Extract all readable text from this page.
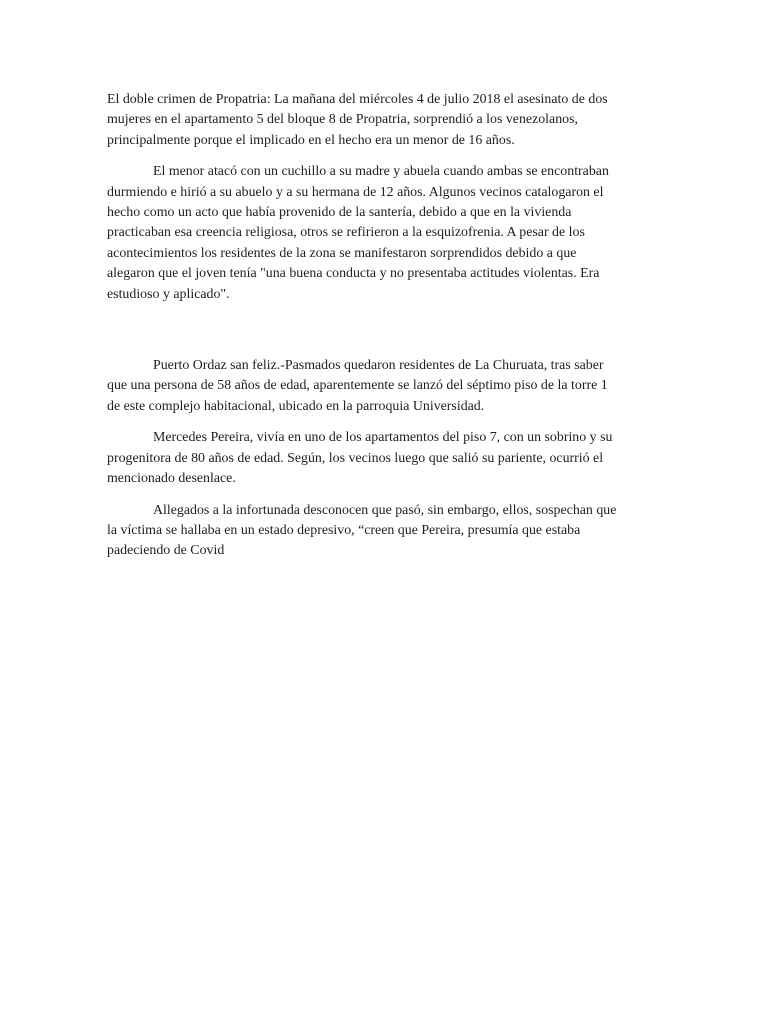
El doble crimen de Propatria: La mañana del miércoles 4 de julio 2018 el asesinato de dos
mujeres en el apartamento 5 del bloque 8 de Propatria, sorprendió a los venezolanos,
principalmente porque el implicado en el hecho era un menor de 16 años.

El menor atacó con un cuchillo a su madre y abuela cuando ambas se encontraban
durmiendo e hirió a su abuelo y a su hermana de 12 años. Algunos vecinos catalogaron el
hecho como un acto que había provenido de la santería, debido a que en la vivienda
practicaban esa creencia religiosa, otros se refirieron a la esquizofrenia. A pesar de los
acontecimientos los residentes de la zona se manifestaron sorprendidos debido a que
alegaron que el joven tenía "una buena conducta y no presentaba actitudes violentas. Era
estudioso y aplicado".

Puerto Ordaz san feliz.-Pasmados quedaron residentes de La Churuata, tras saber
que una persona de 58 años de edad, aparentemente se lanzó del séptimo piso de la torre 1
de este complejo habitacional, ubicado en la parroquia Universidad.

Mercedes Pereira, vivía en uno de los apartamentos del piso 7, con un sobrino y su
progenitora de 80 años de edad. Según, los vecinos luego que salió su pariente, ocurrió el
mencionado desenlace.

Allegados a la infortunada desconocen que pasó, sin embargo, ellos, sospechan que
la víctima se hallaba en un estado depresivo, “creen que Pereira, presumía que estaba
padeciendo de Covid
